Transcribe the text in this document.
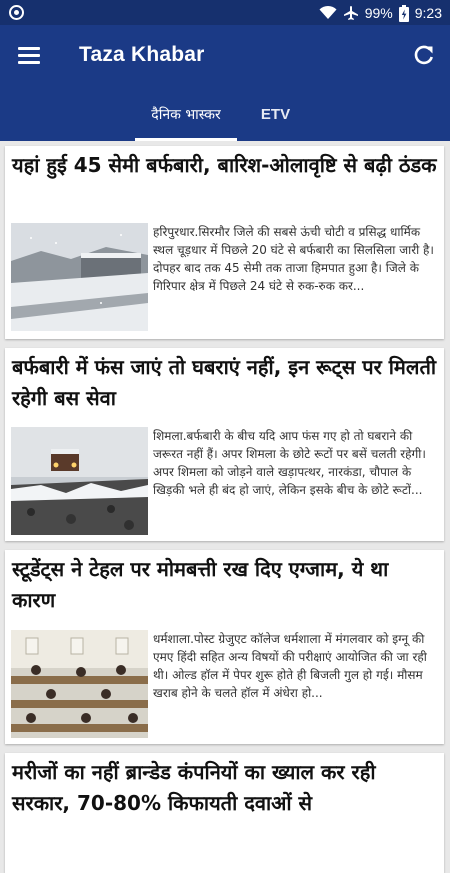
99% 9:23
Taza Khabar
दैनिक भास्कर	ETV
यहां हुई 45 सेमी बर्फबारी, बारिश-ओलावृष्टि से बढ़ी ठंडक
हरिपुरधार.सिरमौर जिले की सबसे ऊंची चोटी व प्रसिद्ध धार्मिक स्थल चूड़धार में पिछले 20 घंटे से बर्फबारी का सिलसिला जारी है। दोपहर बाद तक 45 सेमी तक ताजा हिमपात हुआ है। जिले के गिरिपार क्षेत्र में पिछले 24 घंटे से रुक-रुक कर...
बर्फबारी में फंस जाएं तो घबराएं नहीं, इन रूट्स पर मिलती रहेगी बस सेवा
शिमला.बर्फबारी के बीच यदि आप फंस गए हो तो घबराने की जरूरत नहीं हैं। अपर शिमला के छोटे रूटों पर बसें चलती रहेगी। अपर शिमला को जोड़ने वाले खड़ापत्थर, नारकंडा, चौपाल के खिड़की भले ही बंद हो जाएं, लेकिन इसके बीच के छोटे रूटों...
स्टूडेंट्स ने टेहल पर मोमबत्ती रख दिए एग्जाम, ये था कारण
धर्मशाला.पोस्ट ग्रेजुएट कॉलेज धर्मशाला में मंगलवार को इग्नू की एमए हिंदी सहित अन्य विषयों की परीक्षाएं आयोजित की जा रही थी। ओल्ड हॉल में पेपर शुरू होते ही बिजली गुल हो गई। मौसम खराब होने के चलते हॉल में अंधेरा हो...
मरीजों का नहीं ब्रान्डेड कंपनियों का ख्याल कर रही सरकार, 70-80% किफायती दवाओं से
